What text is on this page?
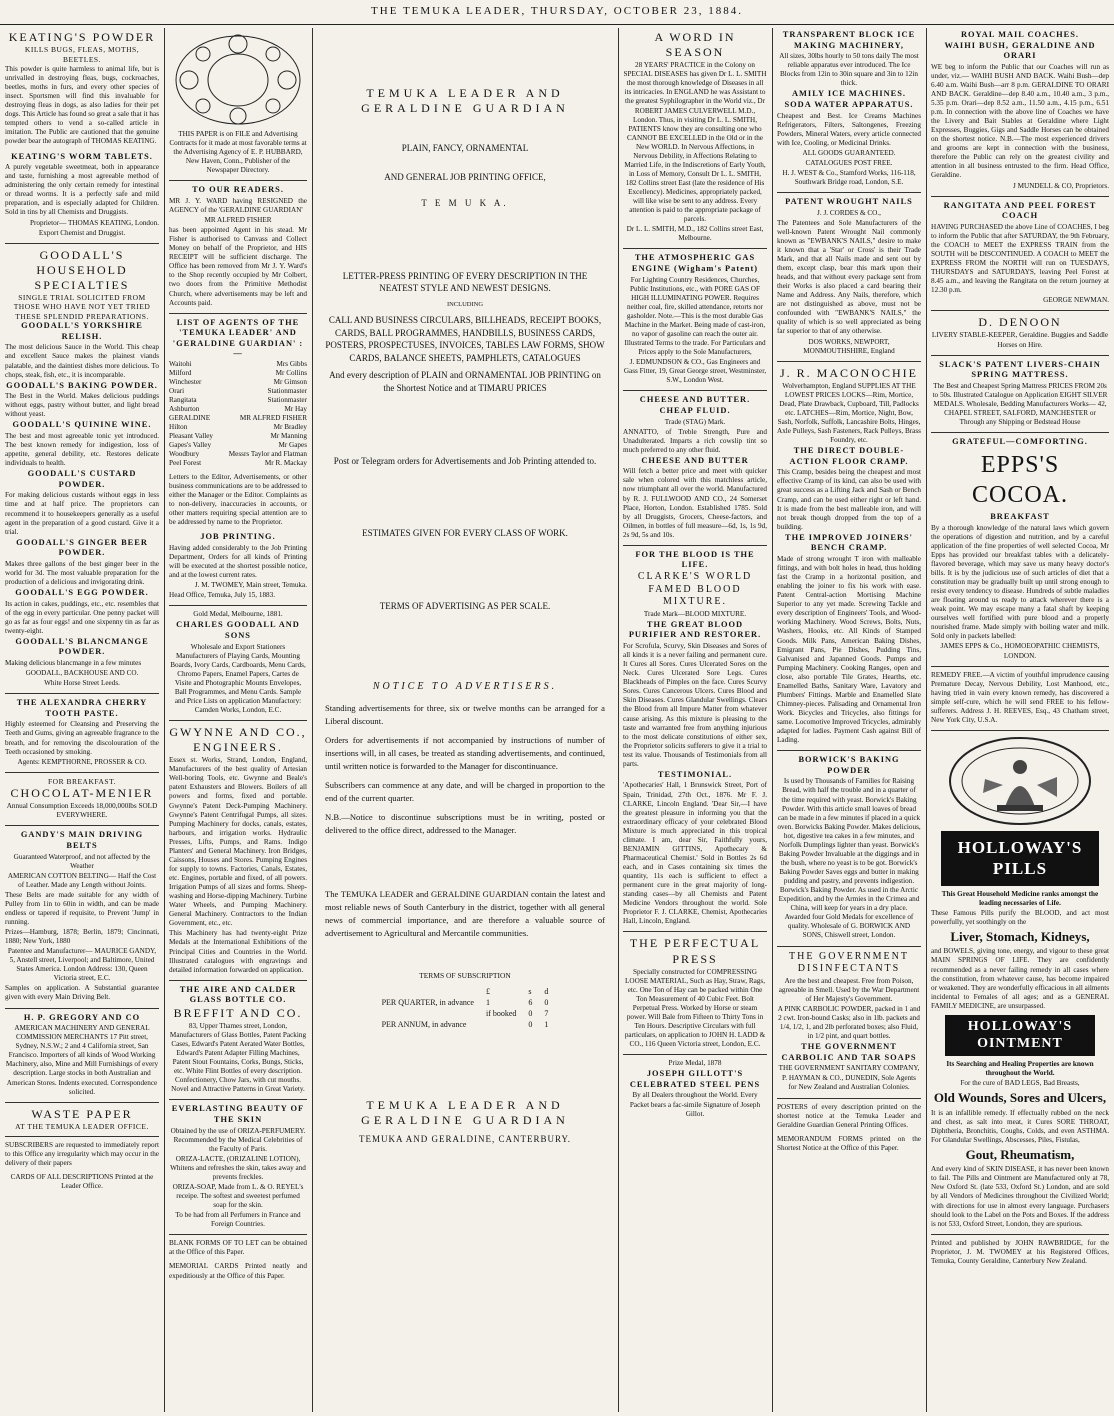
THE TEMUKA LEADER, THURSDAY, OCTOBER 23, 1884.
KEATING'S POWDER
KILLS BUGS, FLEAS, MOTHS, BEETLES.

This powder is quite harmless to animal life, but is unrivalled in destroying fleas, bugs, cockroaches, beetles, moths in furs, and every other species of insect. Sportsmen will find this invaluable for destroying fleas in dogs, as also ladies for their pet dogs. This Article has found so great a sale that it has tempted others to vend a so-called article in imitation. The Public are cautioned that the genuine powder bear the autograph of THOMAS KEATING.

KEATING'S WORM TABLETS.

A purely vegetable sweetmeat, both in appearance and taste, furnishing a most agreeable method of administering the only certain remedy for intestinal or thread worms. It is a perfectly safe and mild preparation, and is especially adapted for Children. Sold in tins by all Chemists and Druggists.

Proprietor— THOMAS KEATING, London.

Export Chemist and Druggist.

GOODALL'S HOUSEHOLD SPECIALTIES
SINGLE TRIAL SOLICITED FROM THOSE WHO HAVE NOT YET TRIED THESE SPLENDID PREPARATIONS.
GOODALL'S YORKSHIRE RELISH.

The most delicious Sauce in the World. This cheap and excellent Sauce makes the plainest viands palatable, and the daintiest dishes more delicious. To chops, steak, fish, etc., it is incomparable.

GOODALL'S BAKING POWDER.

The Best in the World. Makes delicious puddings without eggs, pastry without butter, and light bread without yeast.

GOODALL'S QUININE WINE.

The best and most agreeable tonic yet introduced. The best known remedy for indigestion, loss of appetite, general debility, etc. Restores delicate individuals to health.

GOODALL'S CUSTARD POWDER.

For making delicious custards without eggs in less time and at half price. The proprietors can recommend it to housekeepers generally as a useful agent in the preparation of a good custard. Give it a trial.

GOODALL'S GINGER BEER POWDER.

Makes three gallons of the best ginger beer in the world for 3d. The most valuable preparation for the production of a delicious and invigorating drink.

GOODALL'S EGG POWDER.

Its action in cakes, puddings, etc., etc. resembles that of the egg in every particular. One penny packet will go as far as four eggs! and one sixpenny tin as far as twenty-eight.

GOODALL'S BLANCMANGE POWDER.

Making delicious blancmange in a few minutes

GOODALL, BACKHOUSE AND CO.

White Horse Street Leeds.

THE ALEXANDRA CHERRY TOOTH PASTE.

Highly esteemed for Cleansing and Preserving the Teeth and Gums, giving an agreeable fragrance to the breath, and for removing the discolouration of the Teeth occasioned by smoking.

Agents: KEMPTHORNE, PROSSER & CO.

FOR BREAKFAST.
CHOCOLAT-MENIER

Annual Consumption Exceeds 18,000,000lbs SOLD EVERYWHERE.

GANDY'S MAIN DRIVING BELTS

Guaranteed Waterproof, and not affected by the Weather

AMERICAN COTTON BELTING— Half the Cost of Leather. Made any Length without Joints.

These Belts are made suitable for any width of Pulley from 1in to 60in in width, and can be made endless or tapered if requisite, to Prevent 'Jump' in running.

Prizes—Hamburg, 1878; Berlin, 1879; Cincinnati, 1880; New York, 1880

Patentee and Manufacturer— MAURICE GANDY, 5, Anstell street, Liverpool; and Baltimore, United States America. London Address: 130, Queen Victoria street, E.C.

Samples on application. A Substantial guarantee given with every Main Driving Belt.

H. P. GREGORY AND CO

AMERICAN MACHINERY AND GENERAL COMMISSION MERCHANTS 17 Pitt street, Sydney, N.S.W.; 2 and 4 California street, San Francisco. Importers of all kinds of Wood Working Machinery, also, Mine and Mill Furnishings of every description. Large stocks in both Australian and American Stores. Indents executed. Correspondence solicited.

WASTE PAPER
AT THE TEMUKA LEADER OFFICE.

SUBSCRIBERS are requested to immediately report to this Office any irregularity which may occur in the delivery of their papers

CARDS OF ALL DESCRIPTIONS Printed at the Leader Office.

THIS PAPER is on FILE and Advertising Contracts for it made at most favorable terms at the Advertising Agency of E. P. HUBBARD, New Haven, Conn., Publisher of the Newspaper Directory.

TO OUR READERS.

MR J. Y. WARD having RESIGNED the AGENCY of the 'GERALDINE GUARDIAN'

MR ALFRED FISHER

has been appointed Agent in his stead. Mr Fisher is authorised to Canvass and Collect Money on behalf of the Proprietor, and HIS RECEIPT will be sufficient discharge. The Office has been removed from Mr J. Y. Ward's to the Shop recently occupied by Mr Colbert, two doors from the Primitive Methodist Church, where advertisements may be left and Accounts paid.

LIST OF AGENTS OF THE 'TEMUKA LEADER' AND 'GERALDINE GUARDIAN' :—
Waitohi	Mrs Gibbs
Milford	Mr Collins
Winchester	Mr Gimson
Orari	Stationmaster
Rangitata	Stationmaster
Ashburton	Mr Hay
GERALDINE	MR ALFRED FISHER
Hilton	Mr Bradley
Pleasant Valley	Mr Manning
Gapes's Valley	Mr Gapes
Woodbury	Messrs Taylor and Flatman
Peel Forest	Mr R. Mackay

Letters to the Editor, Advertisements, or other business communications are to be addressed to either the Manager or the Editor. Complaints as to non-delivery, inaccuracies in accounts, or other matters requiring special attention are to be addressed by name to the Proprietor.

JOB PRINTING.

Having added considerably to the Job Printing Department, Orders for all kinds of Printing will be executed at the shortest possible notice, and at the lowest current rates.

J. M. TWOMEY, Main street, Temuka.

Head Office, Temuka, July 15, 1883.

Gold Medal, Melbourne, 1881.

CHARLES GOODALL AND SONS

Wholesale and Export Stationers Manufacturers of Playing Cards, Mounting Boards, Ivory Cards, Cardboards, Menu Cards, Chromo Papers, Enamel Papers, Cartes de Visite and Photographic Mounts Envelopes, Ball Programmes, and Menu Cards. Sample and Price Lists on application Manufactory: Camden Works, London, E.C.

GWYNNE AND CO., ENGINEERS.

Essex st. Works, Strand, London, England, Manufacturers of the best quality of Artesian Well-boring Tools, etc. Gwynne and Beale's patent Exhausters and Blowers. Boilers of all powers and forms, fixed and portable. Gwynne's Patent Deck-Pumping Machinery. Gwynne's Patent Centrifugal Pumps, all sizes. Pumping Machinery for docks, canals, estates, harbours, and irrigation works. Hydraulic Presses, Lifts, Pumps, and Rams. Indigo Planters' and General Machinery. Iron Bridges, Caissons, Houses and Stores. Pumping Engines for supply to towns. Factories, Canals, Estates, etc. Engines, portable and fixed, of all powers. Irrigation Pumps of all sizes and forms. Sheep-washing and Horse-dipping Machinery. Turbine Water Wheels, and Pumping Machinery. General Machinery. Contractors to the Indian Government, etc., etc.

This Machinery has had twenty-eight Prize Medals at the International Exhibitions of the Principal Cities and Countries in the World. Illustrated catalogues with engravings and detailed information forwarded on application.

THE AIRE AND CALDER GLASS BOTTLE CO.
BREFFIT AND CO.

83, Upper Thames street, London, Manufacturers of Glass Bottles, Patent Packing Cases, Edward's Patent Aerated Water Bottles, Edward's Patent Adapter Filling Machines, Patent Stout Fountains, Corks, Bungs, Sticks, etc. White Flint Bottles of every description. Confectionery, Chow Jars, with cut mouths. Novel and Attractive Patterns in Great Variety.

EVERLASTING BEAUTY OF THE SKIN

Obtained by the use of ORIZA-PERFUMERY. Recommended by the Medical Celebrities of the Faculty of Paris.

ORIZA-LACTE, (ORIZALINE LOTION), Whitens and refreshes the skin, takes away and prevents freckles.

ORIZA-SOAP, Made from L. & O. REYEL's receipe. The softest and sweetest perfumed soap for the skin.

To be had from all Perfumers in France and Foreign Countries.

BLANK FORMS OF TO LET can be obtained at the Office of this Paper.

MEMORIAL CARDS Printed neatly and expeditiously at the Office of this Paper.

TEMUKA LEADER AND GERALDINE GUARDIAN
PLAIN, FANCY, ORNAMENTAL
AND GENERAL JOB PRINTING OFFICE,
T E M U K A.
LETTER-PRESS PRINTING OF EVERY DESCRIPTION IN THE NEATEST STYLE AND NEWEST DESIGNS.
INCLUDING
CALL AND BUSINESS CIRCULARS, BILLHEADS, RECEIPT BOOKS, CARDS, BALL PROGRAMMES, HANDBILLS, BUSINESS CARDS, POSTERS, PROSPECTUSES, INVOICES, TABLES LAW FORMS, SHOW CARDS, BALANCE SHEETS, PAMPHLETS, CATALOGUES
And every description of PLAIN and ORNAMENTAL JOB PRINTING on the Shortest Notice and at TIMARU PRICES
Post or Telegram orders for Advertisements and Job Printing attended to.
ESTIMATES GIVEN FOR EVERY CLASS OF WORK.
TERMS OF ADVERTISING AS PER SCALE.
NOTICE TO ADVERTISERS.
Standing advertisements for three, six or twelve months can be arranged for a Liberal discount.
Orders for advertisements if not accompanied by instructions of number of insertions will, in all cases, be treated as standing advertisements, and continued, until written notice is forwarded to the Manager for discontinuance.
Subscribers can commence at any date, and will be charged in proportion to the end of the current quarter.
N.B.—Notice to discontinue subscriptions must be in writing, posted or delivered to the office direct, addressed to the Manager.
The TEMUKA LEADER and GERALDINE GUARDIAN contain the latest and most reliable news of South Canterbury in the district, together with all general news of commercial importance, and are therefore a valuable source of advertisement to Agricultural and Mercantile communities.
TERMS OF SUBSCRIPTION
	£	s	d
PER QUARTER, in advance	1	6	0
	if booked	0	7
PER ANNUM, in advance		0	1
TEMUKA LEADER AND GERALDINE GUARDIAN
TEMUKA AND GERALDINE, CANTERBURY.
A WORD IN SEASON

28 YEARS' PRACTICE in the Colony on SPECIAL DISEASES has given Dr L. L. SMITH the most thorough knowledge of Diseases in all its intricacies. In ENGLAND he was Assistant to the greatest Syphilographer in the World viz., Dr ROBERT JAMES CULVERWELL M.D., London. Thus, in visiting Dr L. L. SMITH, PATIENTS know they are consulting one who CANNOT BE EXCELLED in the Old or in the New WORLD. In Nervous Affections, in Nervous Debility, in Affections Relating to Married Life, in the Indiscretions of Early Youth, in Loss of Memory, Consult Dr L. L. SMITH, 182 Collins street East (late the residence of His Excellency). Medicines, appropriately packed, will like wise be sent to any address. Every attention is paid to the appropriate package of parcels.

Dr L. L. SMITH, M.D., 182 Collins street East, Melbourne.

THE ATMOSPHERIC GAS ENGINE (Wigham's Patent)

For Lighting Country Residences, Churches, Public Institutions, etc., with PORE GAS OF HIGH ILLUMINATING POWER. Requires neither coal, fire, skilled attendance, retorts nor gasholder. Note.—This is the most durable Gas Machine in the Market. Being made of cast-iron, no vapor of gasoline can reach the outer air. Illustrated Terms to the trade. For Particulars and Prices apply to the Sole Manufacturers,

J. EDMUNDSON & CO., Gas Engineers and Gass Fitter, 19, Great George street, Westminster, S.W., London West.

CHEESE AND BUTTER.
CHEAP FLUID.

Trade (STAG) Mark.

ANNATTO, of Treble Strength, Pure and Unadulterated. Imparts a rich cowslip tint so much preferred to any other fluid.

CHEESE AND BUTTER

Will fetch a better price and meet with quicker sale when colored with this matchless article, now triumphant all over the world. Manufactured by R. J. FULLWOOD AND CO., 24 Somerset Place, Horton, London. Established 1785. Sold by all Druggists, Grocers, Cheese-factors, and Oilmen, in bottles of full measure—6d, 1s, 1s 9d, 2s 9d, 5s and 10s.

FOR THE BLOOD IS THE LIFE.
CLARKE'S WORLD FAMED BLOOD MIXTURE.

Trade Mark—BLOOD MIXTURE.

THE GREAT BLOOD PURIFIER AND RESTORER.

For Scrofula, Scurvy, Skin Diseases and Sores of all kinds it is a never failing and permanent cure. It Cures all Sores. Cures Ulcerated Sores on the Neck. Cures Ulcerated Sore Legs. Cures Blackheads of Pimples on the face. Cures Scurvy Sores. Cures Cancerous Ulcers. Cures Blood and Skin Diseases. Cures Glandular Swellings. Clears the Blood from all Impure Matter from whatever cause arising. As this mixture is pleasing to the taste and warranted free from anything injurious to the most delicate constitutions of either sex, the Proprietor solicits sufferers to give it a trial to test its value. Thousands of Testimonials from all parts.

TESTIMONIAL.

'Apothecaries' Hall, 1 Brunswick Street, Port of Spain, Trinidad, 27th Oct., 1876. Mr F. J. CLARKE, Lincoln England. 'Dear Sir,—I have the greatest pleasure in informing you that the extraordinary efficacy of your celebrated Blood Mixture is much appreciated in this tropical climate. I am, dear Sir, Faithfully yours, BENJAMIN GITTINS, Apothecary & Pharmaceutical Chemist.' Sold in Bottles 2s 6d each, and in Cases containing six times the quantity, 11s each is sufficient to effect a permanent cure in the great majority of long-standing cases—by all Chemists and Patent Medicine Vendors throughout the world. Sole Proprietor F. J. CLARKE, Chemist, Apothecaries Hall, Lincoln, England.

THE PERFECTUAL PRESS

Specially constructed for COMPRESSING LOOSE MATERIAL, Such as Hay, Straw, Rags, etc. One Ton of Hay can be packed within One Ton Measurement of 40 Cubic Feet. Bolt Perpetual Press. Worked by Horse or steam power. Will Bale from Fifteen to Thirty Tons in Ten Hours. Descriptive Circulars with full particulars, on application to JOHN H. LADD & CO., 116 Queen Victoria street, London, E.C.

Prize Medal, 1878

JOSEPH GILLOTT'S CELEBRATED STEEL PENS

By all Dealers throughout the World. Every Packet bears a fac-simile Signature of Joseph Gillot.

TRANSPARENT BLOCK ICE MAKING MACHINERY,

All sizes, 30lbs hourly to 50 tons daily The most reliable apparatus ever introduced. The Ice Blocks from 12in to 30in square and 3in to 12in thick.

AMILY ICE MACHINES.
SODA WATER APPARATUS.

Cheapest and Best. Ice Creams Machines Refrigerators, Filters, Saltongenes, Freezing Powders, Mineral Waters, every article connected with Ice, Cooling, or Medicinal Drinks.

ALL GOODS GUARANTEED.

CATALOGUES POST FREE.

H. J. WEST & Co., Stamford Works, 116-118, Southwark Bridge road, London, S.E.

PATENT WROUGHT NAILS

J. J. CORDES & CO.,

The Patentees and Sole Manufacturers of the well-known Patent Wrought Nail commonly known as "EWBANK'S NAILS," desire to make it known that a 'Star' or Cross' is their Trade Mark, and that all Nails made and sent out by them, except clasp, bear this mark upon their heads, and that without every package sent from their Works is also placed a card bearing their Name and Address. Any Nails, therefore, which are not distinguished as above, must not be confounded with "EWBANK'S NAILS," the quality of which is so well appreciated as being far superior to that of any otherwise.

DOS WORKS, NEWPORT, MONMOUTHSHIRE, England

J. R. MACONOCHIE

Wolverhampton, England SUPPLIES AT THE LOWEST PRICES LOCKS—Rim, Mortice, Dead, Plate Drawback, Cupboard, Till, Padlocks etc. LATCHES—Rim, Mortice, Night, Bow, Sash, Norfolk, Suffolk, Lancashire Bolts, Hinges, Axle Pulleys, Sash Fasteners, Rack Pulleys, Brass Foundry, etc.

THE DIRECT DOUBLE-ACTION FLOOR CRAMP.

This Cramp, besides being the cheapest and most effective Cramp of its kind, can also be used with great success as a Lifting Jack and Sash or Bench Cramp, and can be used either right or left hand. It is made from the best malleable iron, and will not break though dropped from the top of a building.

THE IMPROVED JOINERS' BENCH CRAMP.

Made of strong wrought T iron with malleable fittings, and with bolt holes in head, thus holding fast the Cramp in a horizontal position, and enabling the joiner to fix his work with ease. Patent Central-action Mortising Machine Superior to any yet made. Screwing Tackle and every description of Engineers' Tools, and Wood-working Machinery. Wood Screws, Bolts, Nuts, Washers, Hooks, etc. All Kinds of Stamped Goods. Milk Pans, American Baking Dishes, Emigrant Pans, Pie Dishes, Pudding Tins, Galvanised and Japanned Goods. Pumps and Pumping Machinery. Cooking Ranges, open and close, also portable Tile Grates, Hearths, etc. Enamelled Baths, Sanitary Ware, Lavatory and Plumbers' Fittings. Marble and Enamelled Slate Chimney-pieces. Palisading and Ornamental Iron Work. Bicycles and Tricycles, also fittings for same. Locomotive Improved Tricycles, admirably adapted for ladies. Payment Cash against Bill of Lading.

BORWICK'S BAKING POWDER

Is used by Thousands of Families for Raising Bread, with half the trouble and in a quarter of the time required with yeast. Borwick's Baking Powder. With this article small loaves of bread can be made in a few minutes if placed in a quick oven. Borwicks Baking Powder. Makes delicious, hot, digestive tea cakes in a few minutes, and Norfolk Dumplings lighter than yeast. Borwick's Baking Powder Invaluable at the diggings and in the bush, where no yeast is to be got. Borwick's Baking Powder Saves eggs and butter in making pudding and pastry, and prevents indigestion. Borwick's Baking Powder. As used in the Arctic Expedition, and by the Armies in the Crimea and China, will keep for years in a dry place. Awarded four Gold Medals for excellence of quality. Wholesale of G. BORWICK AND SONS, Chiswell street, London.

THE GOVERNMENT DISINFECTANTS

Are the best and cheapest. Free from Poison, agreeable in Smell. Used by the War Department of Her Majesty's Government.

A PINK CARBOLIC POWDER, packed in 1 and 2 cwt. Iron-bound Casks; also in 1lb. packets and 1/4, 1/2, 1, and 2lb perforated boxes; also Fluid, in 1/2 pint, and quart bottles.

THE GOVERNMENT CARBOLIC AND TAR SOAPS

THE GOVERNMENT SANITARY COMPANY,

P. HAYMAN & CO., DUNEDIN, Sole Agents for New Zealand and Australian Colonies.

POSTERS of every description printed on the shortest notice at the Temuka Leader and Geraldine Guardian General Printing Offices.

MEMORANDUM FORMS printed on the Shortest Notice at the Office of this Paper.

ROYAL MAIL COACHES.
WAIHI BUSH, GERALDINE AND ORARI

WE beg to inform the Public that our Coaches will run as under, viz.— WAIHI BUSH AND BACK. Waihi Bush—dep 6.40 a.m. Waihi Bush—arr 8 p.m. GERALDINE TO ORARI AND BACK. Geraldine—dep 8.40 a.m., 10.40 a.m., 3 p.m., 5.35 p.m. Orari—dep 8.52 a.m., 11.50 a.m., 4.15 p.m., 6.51 p.m. In connection with the above line of Coaches we have the Livery and Bait Stables at Geraldine where Light Expresses, Buggies, Gigs and Saddle Horses can be obtained on the shortest notice. N.B.—The most experienced drivers and grooms are kept in connection with the business, therefore the Public can rely on the greatest civility and attention in all business entrusted to the firm. Head Office, Geraldine.

J MUNDELL & CO, Proprietors.

RANGITATA AND PEEL FOREST COACH

HAVING PURCHASED the above Line of COACHES, I beg to inform the Public that after SATURDAY, the 9th February, the COACH to MEET the EXPRESS TRAIN from the SOUTH will be DISCONTINUED. A COACH to MEET the EXPRESS FROM the NORTH will run on TUESDAYS, THURSDAYS and SATURDAYS, leaving Peel Forest at 8.45 a.m., and leaving the Rangitata on the return journey at 12.30 p.m.

GEORGE NEWMAN.

D. DENOON

LIVERY STABLE-KEEPER, Geraldine. Buggies and Saddle Horses on Hire.

SLACK'S PATENT LIVERS-CHAIN SPRING MATTRESS.

The Best and Cheapest Spring Mattress PRICES FROM 20s to 50s. Illustrated Catalogue on Application EIGHT SILVER MEDALS. Wholesale, Bedding Manufacturers Works— 42, CHAPEL STREET, SALFORD, MANCHESTER or Through any Shipping or Bedstead House

GRATEFUL—COMFORTING.
EPPS'S COCOA.
BREAKFAST

By a thorough knowledge of the natural laws which govern the operations of digestion and nutrition, and by a careful application of the fine properties of well selected Cocoa, Mr Epps has provided our breakfast tables with a delicately-flavored beverage, which may save us many heavy doctor's bills. It is by the judicious use of such articles of diet that a constitution may be gradually built up until strong enough to resist every tendency to disease. Hundreds of subtle maladies are floating around us ready to attack wherever there is a weak point. We may escape many a fatal shaft by keeping ourselves well fortified with pure blood and a properly nourished frame. Made simply with boiling water and milk. Sold only in packets labelled:

JAMES EPPS & Co., HOMOEOPATHIC CHEMISTS, LONDON.

REMEDY FREE.—A victim of youthful imprudence causing Premature Decay, Nervous Debility, Lost Manhood, etc., having tried in vain every known remedy, has discovered a simple self-cure, which he will send FREE to his fellow-sufferers. Address J. H. REEVES, Esq., 43 Chatham street, New York City, U.S.A.

HOLLOWAY'S PILLS

This Great Household Medicine ranks amongst the leading necessaries of Life.

These Famous Pills purify the BLOOD, and act most powerfully, yet soothingly on the

Liver, Stomach, Kidneys,

and BOWELS, giving tone, energy, and vigour to these great MAIN SPRINGS OF LIFE. They are confidently recommended as a never failing remedy in all cases where the constitution, from whatever cause, has become impaired or weakened. They are wonderfully efficacious in all ailments incidental to Females of all ages; and as a GENERAL FAMILY MEDICINE, are unsurpassed.

HOLLOWAY'S OINTMENT

Its Searching and Healing Properties are known throughout the World.

For the cure of BAD LEGS, Bad Breasts,

Old Wounds, Sores and Ulcers,

It is an infallible remedy. If effectually rubbed on the neck and chest, as salt into meat, it Cures SORE THROAT, Diphtheria, Bronchitis, Coughs, Colds, and even ASTHMA. For Glandular Swellings, Abscesses, Piles, Fistulas,

Gout, Rheumatism,

And every kind of SKIN DISEASE, it has never been known to fail. The Pills and Ointment are Manufactured only at 78, New Oxford St. (late 533, Oxford St.) London, and are sold by all Vendors of Medicines throughout the Civilized World; with directions for use in almost every language. Purchasers should look to the Label on the Pots and Boxes. If the address is not 533, Oxford Street, London, they are spurious.

Printed and published by JOHN RAWBRIDGE, for the Proprietor, J. M. TWOMEY at his Registered Offices, Temuka, County Geraldine, Canterbury New Zealand.
